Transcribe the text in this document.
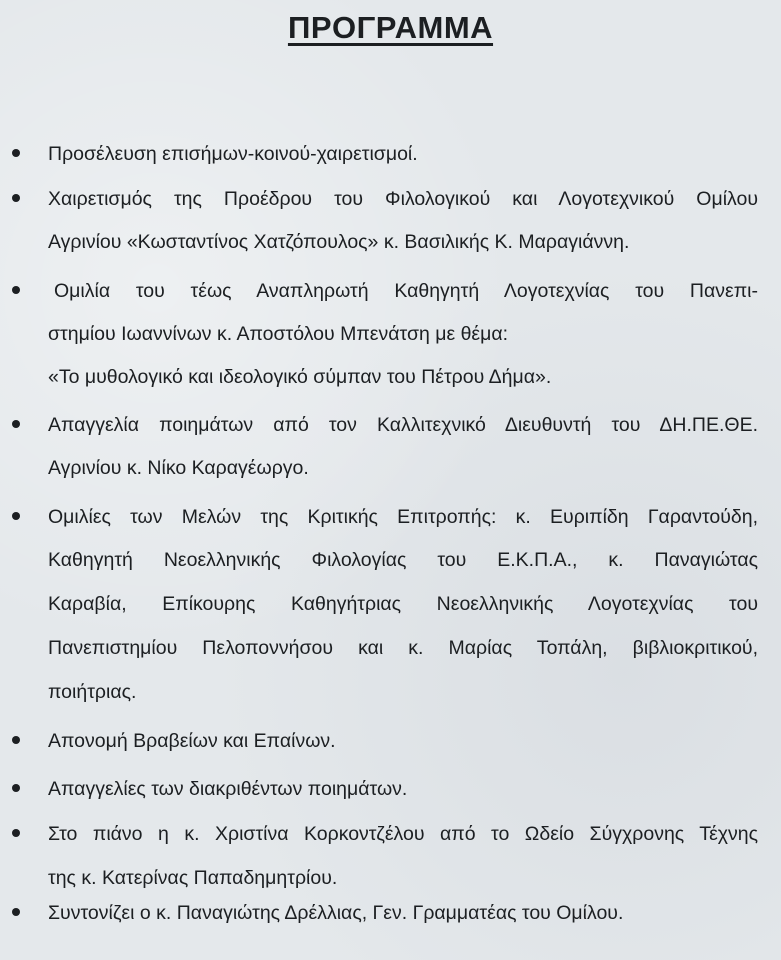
ΠΡΟΓΡΑΜΜΑ
Προσέλευση επισήμων-κοινού-χαιρετισμοί.
Χαιρετισμός της Προέδρου του Φιλολογικού και Λογοτεχνικού Ομίλου
Αγρινίου «Κωσταντίνος Χατζόπουλος» κ. Βασιλικής Κ. Μαραγιάννη.
Ομιλία του τέως Αναπληρωτή Καθηγητή Λογοτεχνίας του Πανεπι-
στημίου Ιωαννίνων κ. Αποστόλου Μπενάτση με θέμα:
«Το μυθολογικό και ιδεολογικό σύμπαν του Πέτρου Δήμα».
Απαγγελία ποιημάτων από τον Καλλιτεχνικό Διευθυντή του ΔΗ.ΠΕ.ΘΕ.
Αγρινίου κ. Νίκο Καραγέωργο.
Ομιλίες των Μελών της Κριτικής Επιτροπής: κ. Ευριπίδη Γαραντούδη,
Καθηγητή Νεοελληνικής Φιλολογίας του Ε.Κ.Π.Α., κ. Παναγιώτας
Καραβία, Επίκουρης Καθηγήτριας Νεοελληνικής Λογοτεχνίας του
Πανεπιστημίου Πελοποννήσου και κ. Μαρίας Τοπάλη, βιβλιοκριτικού,
ποιήτριας.
Απονομή Βραβείων και Επαίνων.
Απαγγελίες των διακριθέντων ποιημάτων.
Στο πιάνο η κ. Χριστίνα Κορκοντζέλου από το Ωδείο Σύγχρονης Τέχνης
της κ. Κατερίνας Παπαδημητρίου.
Συντονίζει ο κ. Παναγιώτης Δρέλλιας, Γεν. Γραμματέας του Ομίλου.
